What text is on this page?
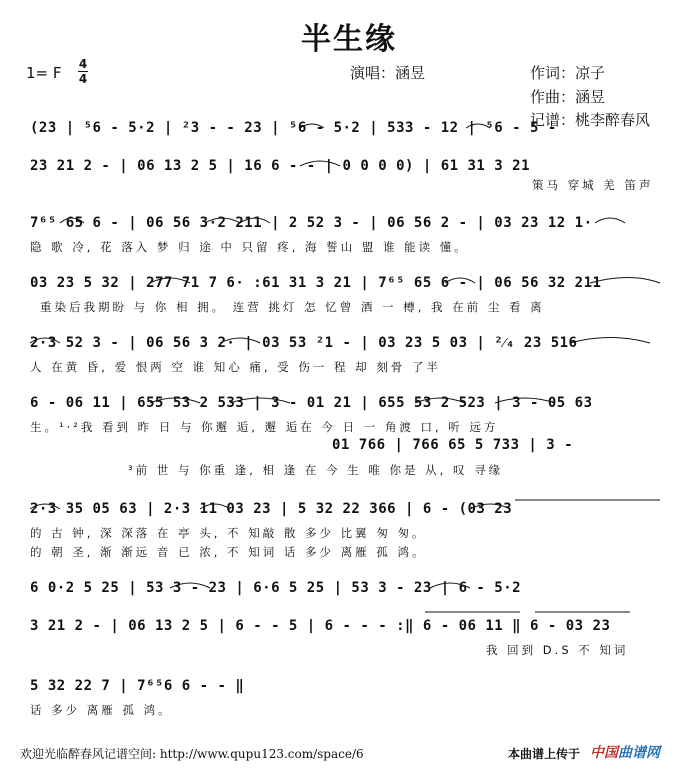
半生缘
1= F 4
4	演唱：涵昱	作词：凉子
作曲：涵昱
记谱：桃李醉春风
(23 | ⁵6 - 5·2 | ²3 - - 23 | ⁵6 - 5·2 | 533 - 12 | ⁵6 - 5 -
23 21 2 - | 06 13 2 5 | 16 6 - - | 0 0 0 0) | 61 31 3 21
策马 穿城 羌 笛声
7⁶⁵ 65 6 - | 06 56 3·2 211 | 2 52 3 - | 06 56 2 - | 03 23 12 1·
隐 歌 冷, 花 落入 梦 归 途 中 只留 疼, 海 誓山 盟 谁 能读 懂。
03 23 5 32 | 277 71 7 6· :61 31 3 21 | 7⁶⁵ 65 6 - | 06 56 32 211
重染后我期盼 与 你 相 拥。 连营 挑灯 怎 忆曾 酒 一 樽, 我 在前 尘 看 离
2·3 52 3 - | 06 56 3 2· | 03 53 ²1 - | 03 23 5 03 | ²⁄₄ 23 516
人 在黄 昏, 爱 恨两 空 谁 知心 痛, 受 伤一 程 却 刻骨 了半
6 - 06 11 | 655 53 2 533 | 3 - 01 21 | 655 53 2 523 | 3 - 05 63
生。¹·²我 看到 昨 日 与 你邂 逅, 邂 逅在 今 日 一 角渡 口, 听 远方
01 766 | 766 65 5 733 | 3 -
³前 世 与 你重 逢, 相 逢 在 今 生 唯 你是 从, 叹 寻缘
2·3 35 05 63 | 2·3 11 03 23 | 5 32 22 366 | 6 - (03 23
的 古 钟, 深 深落 在 亭 头, 不 知敲 散 多少 比翼 匆 匆。
的 朝 圣, 渐 渐远 音 已 浓, 不 知词 话 多少 离雁 孤 鸿。
6 0·2 5 25 | 53 3 - 23 | 6·6 5 25 | 53 3 - 23 | 6 - 5·2
3 21 2 - | 06 13 2 5 | 6 - - 5 | 6 - - - :‖ 6 - 06 11 ‖ 6 - 03 23
我 回到 D.S 不 知词
5 32 22 7 | 7⁶⁵6 6 - - ‖
话 多少 离雁 孤 鸿。
欢迎光临醉春风记谱空间: http://www.qupu123.com/space/6	本曲谱上传于 中国曲谱网
